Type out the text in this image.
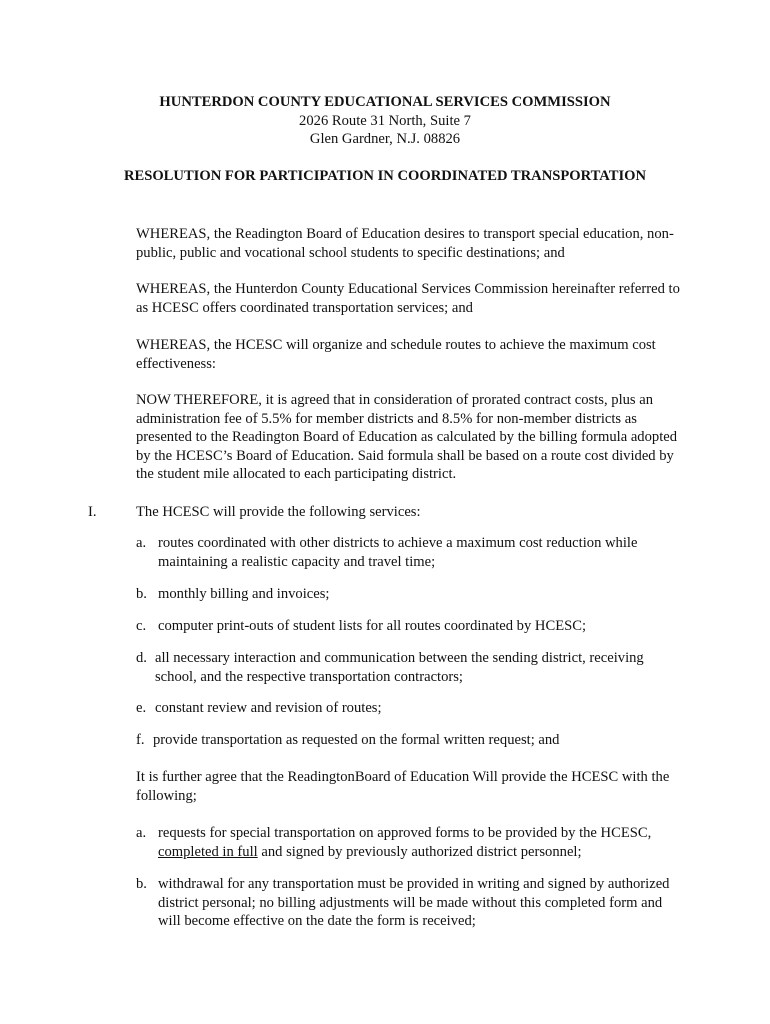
HUNTERDON COUNTY EDUCATIONAL SERVICES COMMISSION
2026 Route 31 North, Suite 7
Glen Gardner, N.J. 08826
RESOLUTION FOR PARTICIPATION IN COORDINATED TRANSPORTATION
WHEREAS, the Readington Board of Education desires to transport special education, non-public, public and vocational school students to specific destinations; and
WHEREAS, the Hunterdon County Educational Services Commission hereinafter referred to as HCESC offers coordinated transportation services; and
WHEREAS, the HCESC will organize and schedule routes to achieve the maximum cost effectiveness:
NOW THEREFORE, it is agreed that in consideration of prorated contract costs, plus an administration fee of 5.5% for member districts and 8.5% for non-member districts as presented to the Readington Board of Education as calculated by the billing formula adopted by the HCESC’s Board of Education. Said formula shall be based on a route cost divided by the student mile allocated to each participating district.
I.	The HCESC will provide the following services:
a. routes coordinated with other districts to achieve a maximum cost reduction while maintaining a realistic capacity and travel time;
b. monthly billing and invoices;
c. computer print-outs of student lists for all routes coordinated by HCESC;
d. all necessary interaction and communication between the sending district, receiving school, and the respective transportation contractors;
e. constant review and revision of routes;
f. provide transportation as requested on the formal written request; and
It is further agree that the ReadingtonBoard of Education Will provide the HCESC with the following;
a. requests for special transportation on approved forms to be provided by the HCESC, completed in full and signed by previously authorized district personnel;
b. withdrawal for any transportation must be provided in writing and signed by authorized district personal; no billing adjustments will be made without this completed form and will become effective on the date the form is received;
